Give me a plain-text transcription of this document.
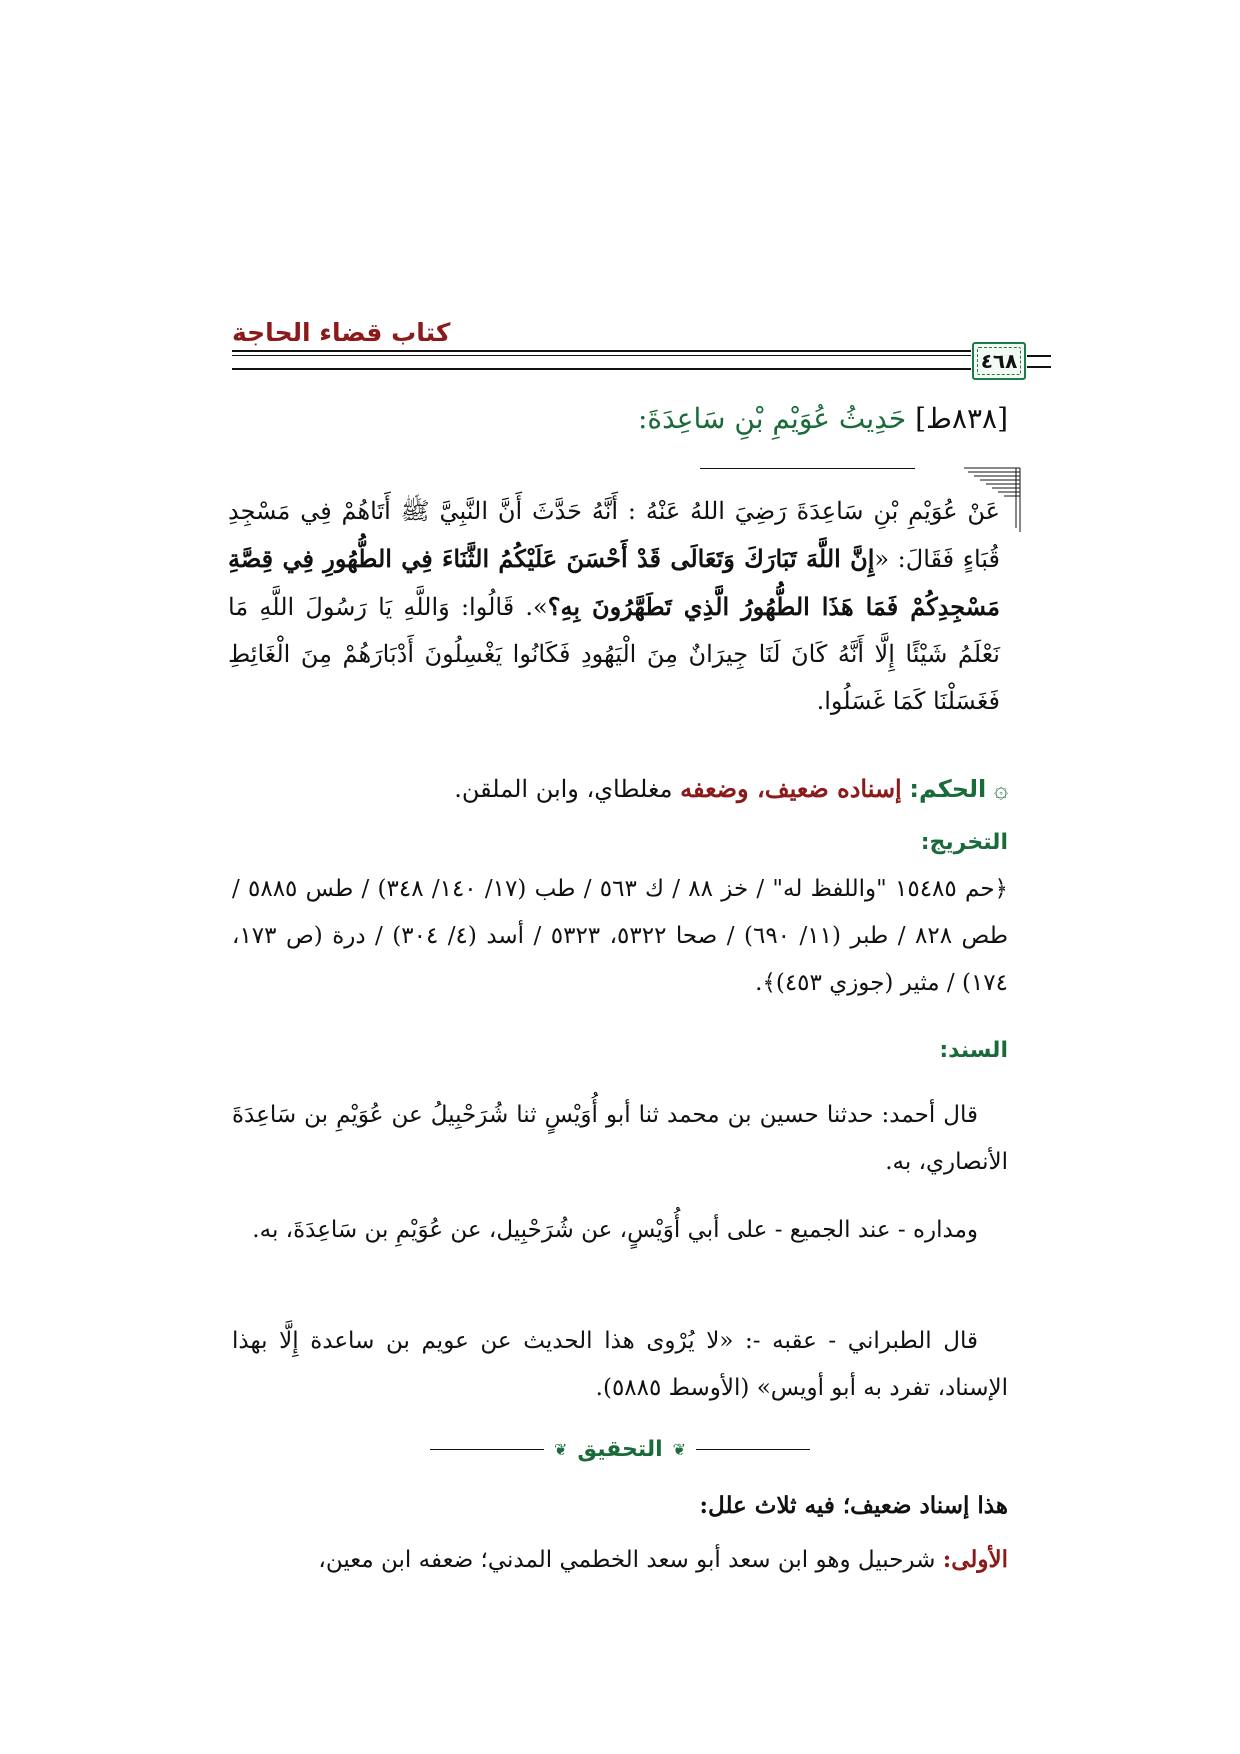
كتاب قضاء الحاجة
٤٦٨
[٨٣٨ط] حَدِيثُ عُوَيْمِ بْنِ سَاعِدَةَ:
عَنْ عُوَيْمِ بْنِ سَاعِدَةَ رَضِيَ اللهُ عَنْهُ : أَنَّهُ حَدَّثَ أَنَّ النَّبِيَّ ﷺ أَتَاهُمْ فِي مَسْجِدِ قُبَاءٍ فَقَالَ: «إِنَّ اللَّهَ تَبَارَكَ وَتَعَالَى قَدْ أَحْسَنَ عَلَيْكُمُ الثَّنَاءَ فِي الطُّهُورِ فِي قِصَّةِ مَسْجِدِكُمْ فَمَا هَذَا الطُّهُورُ الَّذِي تَطَهَّرُونَ بِهِ؟». قَالُوا: وَاللَّهِ يَا رَسُولَ اللَّهِ مَا نَعْلَمُ شَيْئًا إِلَّا أَنَّهُ كَانَ لَنَا جِيرَانٌ مِنَ الْيَهُودِ فَكَانُوا يَغْسِلُونَ أَدْبَارَهُمْ مِنَ الْغَائِطِ فَغَسَلْنَا كَمَا غَسَلُوا.
۞ الحكم: إسناده ضعيف، وضعفه مغلطاي، وابن الملقن.
التخريج:
﴿حم ١٥٤٨٥ "واللفظ له" / خز ٨٨ / ك ٥٦٣ / طب (١٧/ ١٤٠/ ٣٤٨) / طس ٥٨٨٥ / طص ٨٢٨ / طبر (١١/ ٦٩٠) / صحا ٥٣٢٢، ٥٣٢٣ / أسد (٤/ ٣٠٤) / درة (ص ١٧٣، ١٧٤) / مثير (جوزي ٤٥٣)﴾.
السند:
قال أحمد: حدثنا حسين بن محمد ثنا أبو أُوَيْسٍ ثنا شُرَحْبِيلُ عن عُوَيْمِ بن سَاعِدَةَ الأنصاري، به.
ومداره - عند الجميع - على أبي أُوَيْسٍ، عن شُرَحْبِيل، عن عُوَيْمِ بن سَاعِدَةَ، به.
قال الطبراني - عقبه -: «لا يُرْوى هذا الحديث عن عويم بن ساعدة إِلَّا بهذا الإسناد، تفرد به أبو أويس» (الأوسط ٥٨٨٥).
❦ التحقيق ❦
هذا إسناد ضعيف؛ فيه ثلاث علل:
الأولى: شرحبيل وهو ابن سعد أبو سعد الخطمي المدني؛ ضعفه ابن معين،
